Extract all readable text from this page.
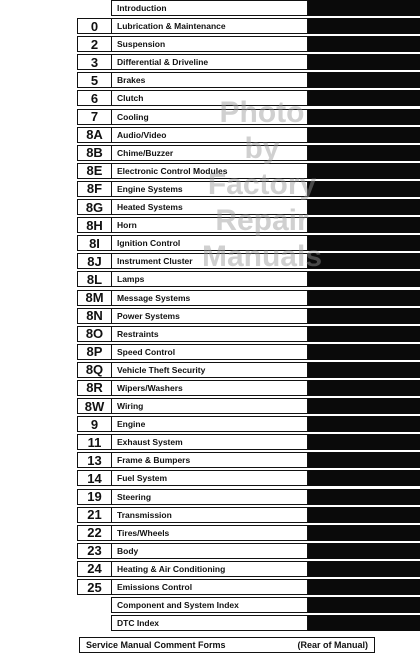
Introduction
0	Lubrication & Maintenance
2	Suspension
3	Differential & Driveline
5	Brakes
6	Clutch
7	Cooling
8A	Audio/Video
8B	Chime/Buzzer
8E	Electronic Control Modules
8F	Engine Systems
8G	Heated Systems
8H	Horn
8I	Ignition Control
8J	Instrument Cluster
8L	Lamps
8M	Message Systems
8N	Power Systems
8O	Restraints
8P	Speed Control
8Q	Vehicle Theft Security
8R	Wipers/Washers
8W	Wiring
9	Engine
11	Exhaust System
13	Frame & Bumpers
14	Fuel System
19	Steering
21	Transmission
22	Tires/Wheels
23	Body
24	Heating & Air Conditioning
25	Emissions Control
Component and System Index
DTC Index
Service Manual Comment Forms	(Rear of Manual)
Photo
by
Factory
Repair
Manuals
